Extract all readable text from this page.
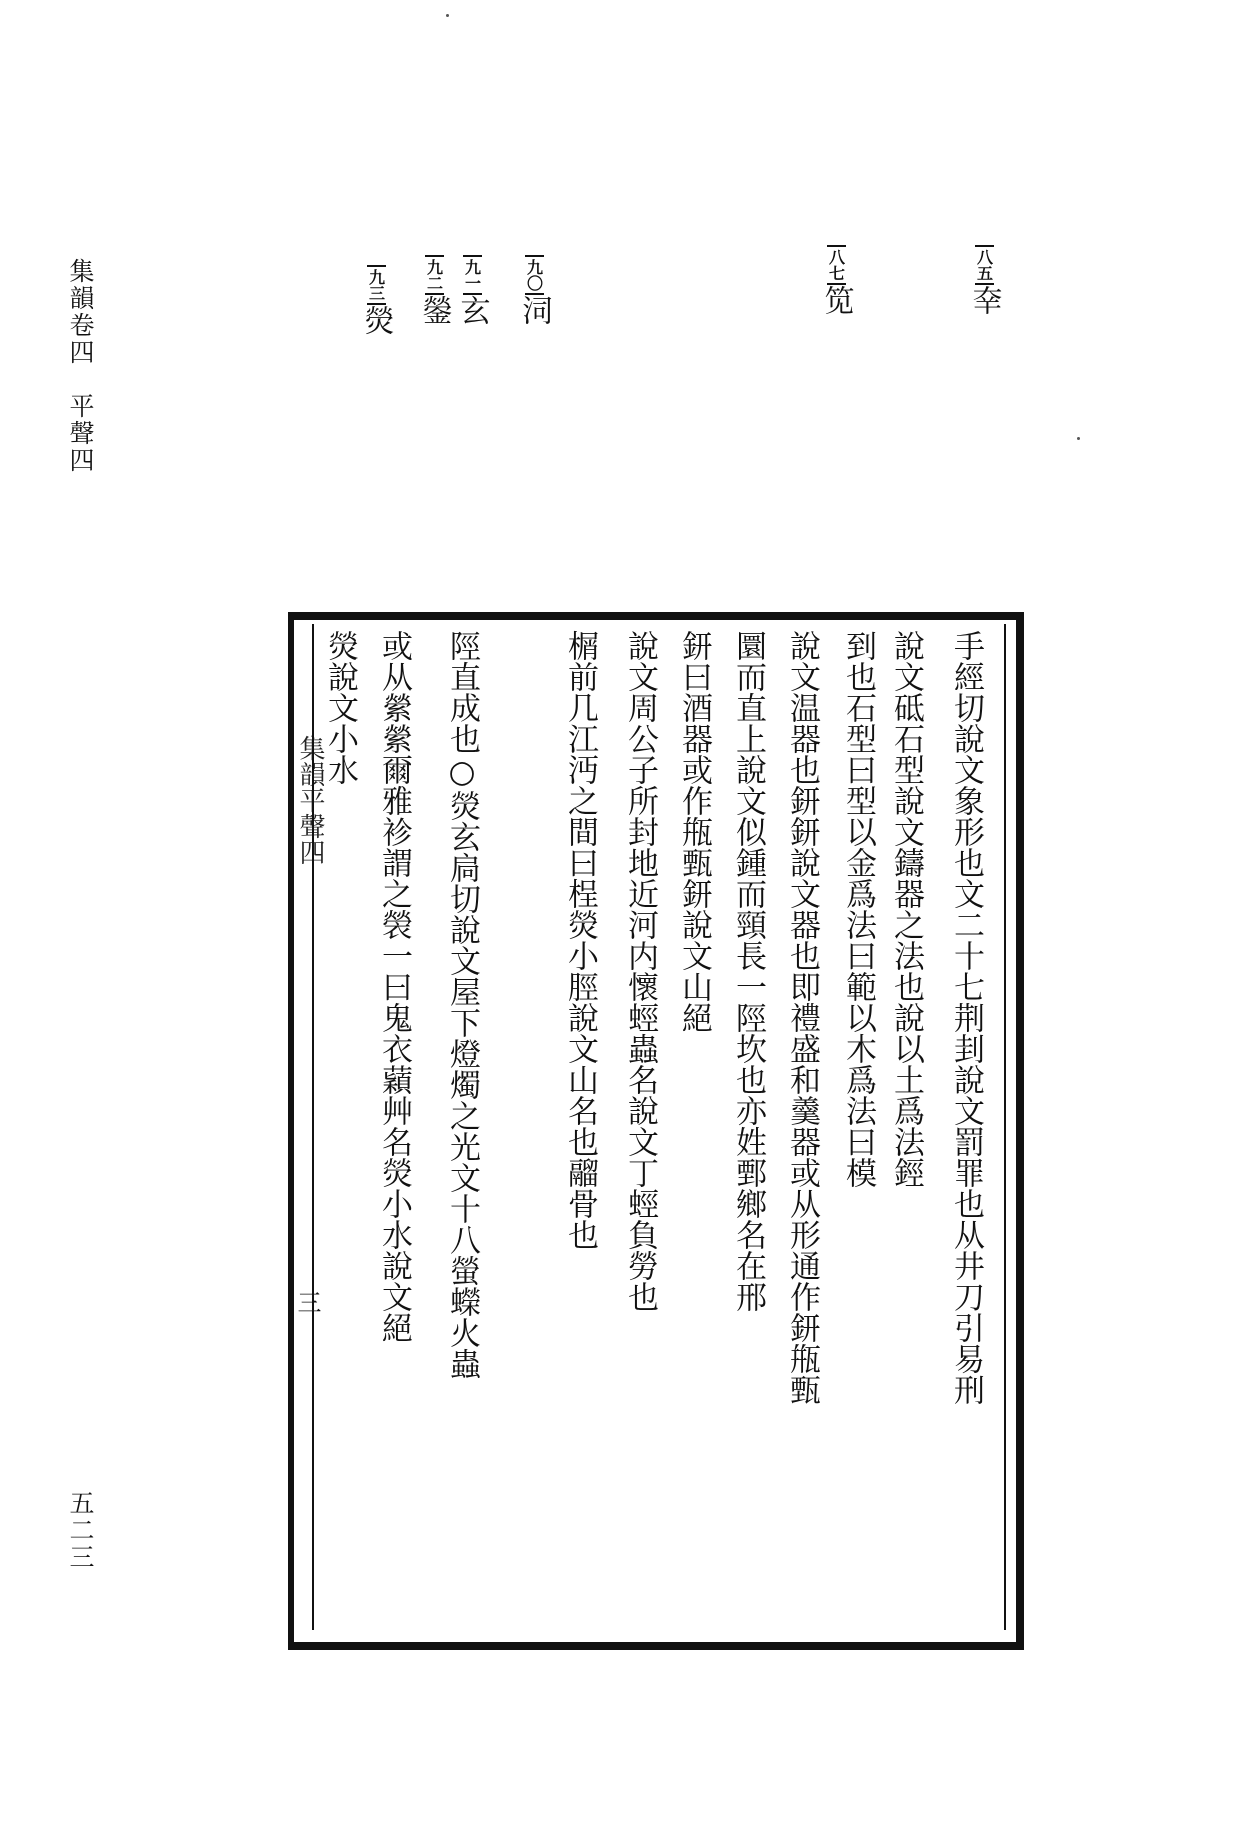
集韻卷四　平聲四
五二三
八五㚔
八七笕
九〇泀
九一玄
九二鎣
九三熒
集韻平聲四
三	手經切說文象形也文二十七荆刲說文罰罪也从井刀引易刑
說文砥石型說文鑄器之法也說以土爲法鋞
到也石型曰型以金爲法曰範以木爲法曰模
說文温器也鈃鈃說文器也即禮盛和羹器或从形通作鈃甁甄
圜而直上說文似鍾而頸長一陘坎也亦姓鄄鄉名在邢
鈃曰酒器或作甁甄鈃說文山絕
說文周公子所封地近河内懷蛵蟲名說文丁蛵負勞也
榍前几江沔之間曰桯熒小脛說文山名也鬸骨也
陘直成也○熒玄扃切說文屋下燈燭之光文十八螢蠑火蟲
或从縈縈爾雅袗謂之褮一曰鬼衣蘔艸名熒小水說文絕
熒說文小水
